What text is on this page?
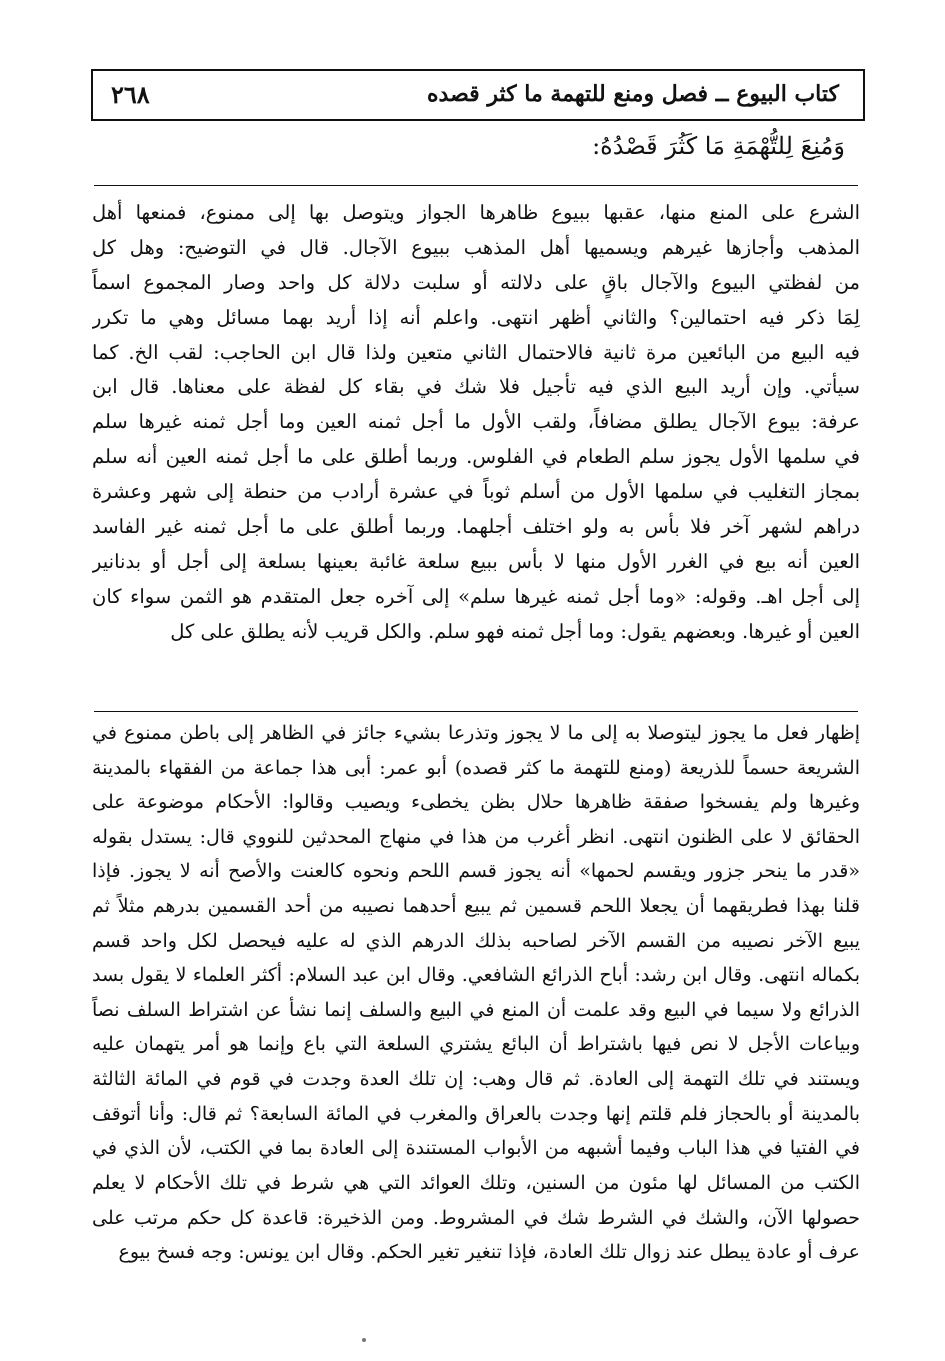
كتاب البيوع ــ فصل ومنع للتهمة ما كثر قصده
٢٦٨
وَمُنِعَ لِلتُّهْمَةِ مَا كَثُرَ قَصْدُهُ:
الشرع على المنع منها، عقبها ببيوع ظاهرها الجواز ويتوصل بها إلى ممنوع، فمنعها أهل
المذهب وأجازها غيرهم ويسميها أهل المذهب ببيوع الآجال. قال في التوضيح: وهل كل
من لفظتي البيوع والآجال باقٍ على دلالته أو سلبت دلالة كل واحد وصار المجموع اسماً
لِمَا ذكر فيه احتمالين؟ والثاني أظهر انتهى. واعلم أنه إذا أريد بهما مسائل وهي ما تكرر
فيه البيع من البائعين مرة ثانية فالاحتمال الثاني متعين ولذا قال ابن الحاجب: لقب الخ. كما
سيأتي. وإن أريد البيع الذي فيه تأجيل فلا شك في بقاء كل لفظة على معناها. قال ابن
عرفة: بيوع الآجال يطلق مضافاً، ولقب الأول ما أجل ثمنه العين وما أجل ثمنه غيرها سلم
في سلمها الأول يجوز سلم الطعام في الفلوس. وربما أطلق على ما أجل ثمنه العين أنه سلم
بمجاز التغليب في سلمها الأول من أسلم ثوباً في عشرة أرادب من حنطة إلى شهر وعشرة
دراهم لشهر آخر فلا بأس به ولو اختلف أجلهما. وربما أطلق على ما أجل ثمنه غير الفاسد
العين أنه بيع في الغرر الأول منها لا بأس ببيع سلعة غائبة بعينها بسلعة إلى أجل أو بدنانير
إلى أجل اهـ. وقوله: «وما أجل ثمنه غيرها سلم» إلى آخره جعل المتقدم هو الثمن سواء كان
العين أو غيرها. وبعضهم يقول: وما أجل ثمنه فهو سلم. والكل قريب لأنه يطلق على كل
إظهار فعل ما يجوز ليتوصلا به إلى ما لا يجوز وتذرعا بشيء جائز في الظاهر إلى باطن ممنوع في
الشريعة حسماً للذريعة (ومنع للتهمة ما كثر قصده) أبو عمر: أبى هذا جماعة من الفقهاء بالمدينة
وغيرها ولم يفسخوا صفقة ظاهرها حلال بظن يخطىء ويصيب وقالوا: الأحكام موضوعة على
الحقائق لا على الظنون انتهى. انظر أغرب من هذا في منهاج المحدثين للنووي قال: يستدل بقوله
«قدر ما ينحر جزور ويقسم لحمها» أنه يجوز قسم اللحم ونحوه كالعنت والأصح أنه لا يجوز. فإذا
قلنا بهذا فطريقهما أن يجعلا اللحم قسمين ثم يبيع أحدهما نصيبه من أحد القسمين بدرهم مثلاً ثم
يبيع الآخر نصيبه من القسم الآخر لصاحبه بذلك الدرهم الذي له عليه فيحصل لكل واحد قسم
بكماله انتهى. وقال ابن رشد: أباح الذرائع الشافعي. وقال ابن عبد السلام: أكثر العلماء لا يقول بسد
الذرائع ولا سيما في البيع وقد علمت أن المنع في البيع والسلف إنما نشأ عن اشتراط السلف نصاً
وبياعات الأجل لا نص فيها باشتراط أن البائع يشتري السلعة التي باع وإنما هو أمر يتهمان عليه
ويستند في تلك التهمة إلى العادة. ثم قال وهب: إن تلك العدة وجدت في قوم في المائة الثالثة
بالمدينة أو بالحجاز فلم قلتم إنها وجدت بالعراق والمغرب في المائة السابعة؟ ثم قال: وأنا أتوقف
في الفتيا في هذا الباب وفيما أشبهه من الأبواب المستندة إلى العادة بما في الكتب، لأن الذي في
الكتب من المسائل لها مئون من السنين، وتلك العوائد التي هي شرط في تلك الأحكام لا يعلم
حصولها الآن، والشك في الشرط شك في المشروط. ومن الذخيرة: قاعدة كل حكم مرتب على
عرف أو عادة يبطل عند زوال تلك العادة، فإذا تنغير تغير الحكم. وقال ابن يونس: وجه فسخ بيوع
